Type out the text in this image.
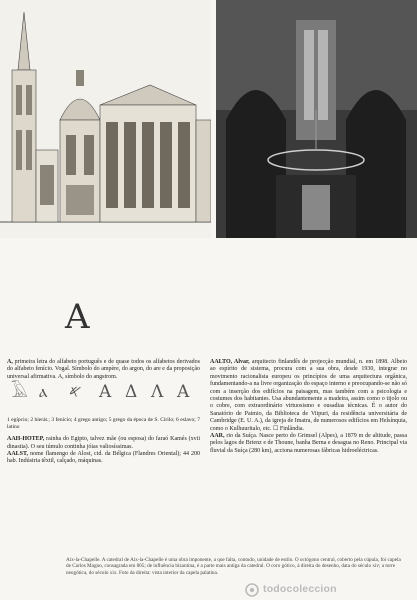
A

A, primeira letra do alfabeto português e de quase todos os alfabetos derivados do alfabeto fenício. Vogal. Símbolo do ampère, do argon, do are e da proposição universal afirmativa. A, símbolo do angstrom.

𓄿 ⲁ 𐤀 Α Δ Λ A
1 egípcio; 2 hierát.; 3 fenício; 4 grego antigo; 5 grego da época de S. Cirilo; 6 eslavo; 7 latino

AAH-HOTEP, rainha do Egipto, talvez mãe (ou esposa) do faraó Kamés (xvii dinastia). O seu túmulo continha jóias valiosíssimas.

AALST, nome flamengo de Alost, cid. da Bélgica (Flandres Oriental); 44 200 hab. Indústria têxtil, calçado, máquinas.

AALTO, Alvar, arquitecto finlandês de projecção mundial, n. em 1898. Albeio ao espírito de sistema, procura com a sua obra, desde 1930, integrar no movimento racionalista europeu os princípios de uma arquitectura orgânica, fundamentando-a na livre organização do espaço interno e preocupando-se não só com a inserção dos edifícios na paisagem, mas também com a psicologia e costumes dos habitantes. Usa abundantemente a madeira, assim como o tijolo ou o cobre, com extraordinário virtuosismo e ousadias técnicas. É o autor do Sanatório de Paimio, da Biblioteca de Viipuri, da residência universitária de Cambridge (E. U. A.), da igreja de Imatra, de numerosos edifícios em Helsínquia, como o Kulhuuritalo, etc. ☐ Finlândia.

AAR, rio da Suíça. Nasce perto do Grimsel (Alpes), a 1879 m de altitude, passa pelos lagos de Brienz e de Thoune, banha Berna e desagua no Reno. Principal via fluvial da Suíça (280 km), acciona numerosas fábricas hidroeléctricas.

Aix-la-Chapelle. A catedral de Aix-la-Chapelle é uma obra imponente, a que falta, contudo, unidade de estilo. O octógono central, coberto pela cúpula, foi capela de Carlos Magno, consagrada em 805; de influência bizantina, é a parte mais antiga da catedral. O coro gótico, à direita do desenho, data do século xiv; a torre neogótica, do século xix. Foto da direita: vista interior da capela palatina.
todocoleccion
